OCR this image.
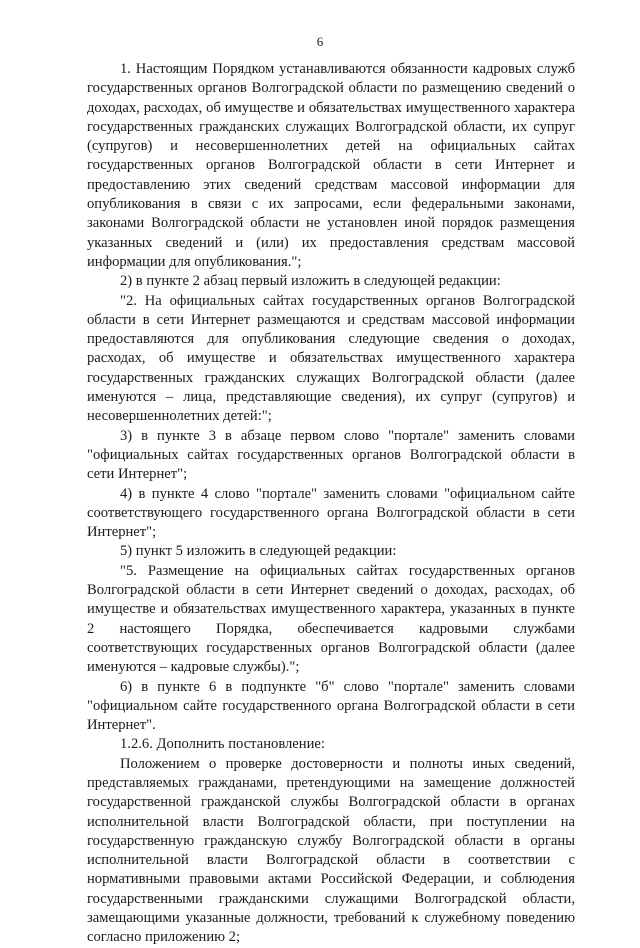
6

1. Настоящим Порядком устанавливаются обязанности кадровых служб государственных органов Волгоградской области по размещению сведений о доходах, расходах, об имуществе и обязательствах имущественного характера государственных гражданских служащих Волгоградской области, их супруг (супругов) и несовершеннолетних детей на официальных сайтах государственных органов Волгоградской области в сети Интернет и предоставлению этих сведений средствам массовой информации для опубликования в связи с их запросами, если федеральными законами, законами Волгоградской области не установлен иной порядок размещения указанных сведений и (или) их предоставления средствам массовой информации для опубликования.";

2) в пункте 2 абзац первый изложить в следующей редакции:

"2. На официальных сайтах государственных органов Волгоградской области в сети Интернет размещаются и средствам массовой информации предоставляются для опубликования следующие сведения о доходах, расходах, об имуществе и обязательствах имущественного характера государственных гражданских служащих Волгоградской области (далее именуются – лица, представляющие сведения), их супруг (супругов) и несовершеннолетних детей:";

3) в пункте 3 в абзаце первом слово "портале" заменить словами "официальных сайтах государственных органов Волгоградской области в сети Интернет";

4) в пункте 4 слово "портале" заменить словами "официальном сайте соответствующего государственного органа Волгоградской области в сети Интернет";

5) пункт 5 изложить в следующей редакции:

"5. Размещение на официальных сайтах государственных органов Волгоградской области в сети Интернет сведений о доходах, расходах, об имуществе и обязательствах имущественного характера, указанных в пункте 2 настоящего Порядка, обеспечивается кадровыми службами соответствующих государственных органов Волгоградской области (далее именуются – кадровые службы).";

6) в пункте 6 в подпункте "б" слово "портале" заменить словами "официальном сайте государственного органа Волгоградской области в сети Интернет".

1.2.6. Дополнить постановление:

Положением о проверке достоверности и полноты иных сведений, представляемых гражданами, претендующими на замещение должностей государственной гражданской службы Волгоградской области в органах исполнительной власти Волгоградской области, при поступлении на государственную гражданскую службу Волгоградской области в органы исполнительной власти Волгоградской области в соответствии с нормативными правовыми актами Российской Федерации, и соблюдения государственными гражданскими служащими Волгоградской области, замещающими указанные должности, требований к служебному поведению согласно приложению 2;
